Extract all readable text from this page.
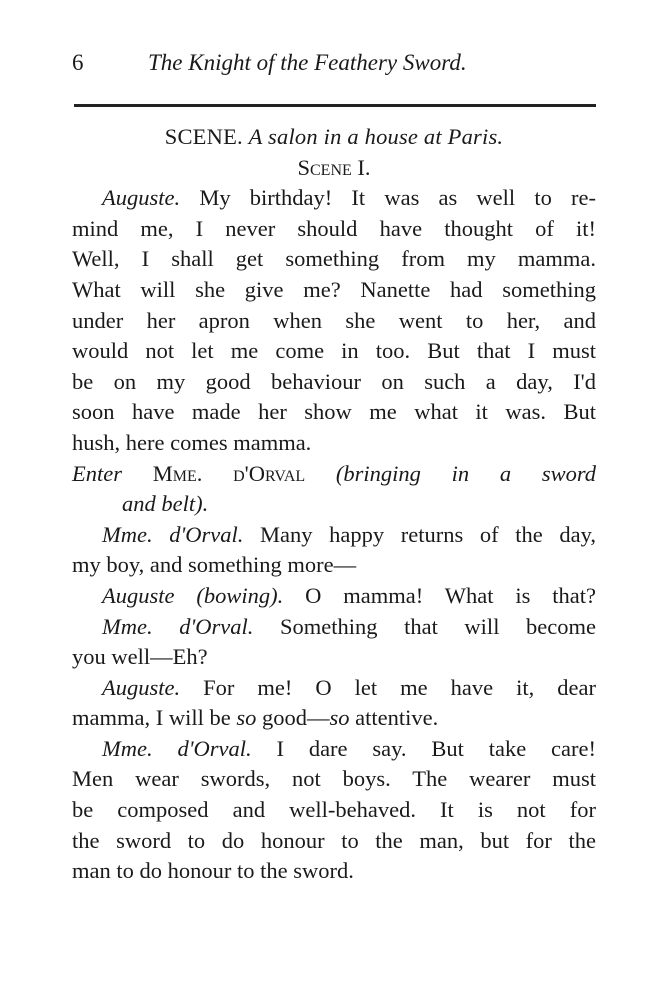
6	The Knight of the Feathery Sword.
SCENE. A salon in a house at Paris.
Scene I.
Auguste. My birthday! It was as well to re-
mind me, I never should have thought of it!
Well, I shall get something from my mamma.
What will she give me? Nanette had something
under her apron when she went to her, and
would not let me come in too. But that I must
be on my good behaviour on such a day, I'd
soon have made her show me what it was. But
hush, here comes mamma.
Enter Mme. d'Orval (bringing in a sword
and belt).
Mme. d'Orval. Many happy returns of the day,
my boy, and something more—
Auguste (bowing). O mamma! What is that?
Mme. d'Orval. Something that will become
you well—Eh?
Auguste. For me! O let me have it, dear
mamma, I will be so good—so attentive.
Mme. d'Orval. I dare say. But take care!
Men wear swords, not boys. The wearer must
be composed and well-behaved. It is not for
the sword to do honour to the man, but for the
man to do honour to the sword.
